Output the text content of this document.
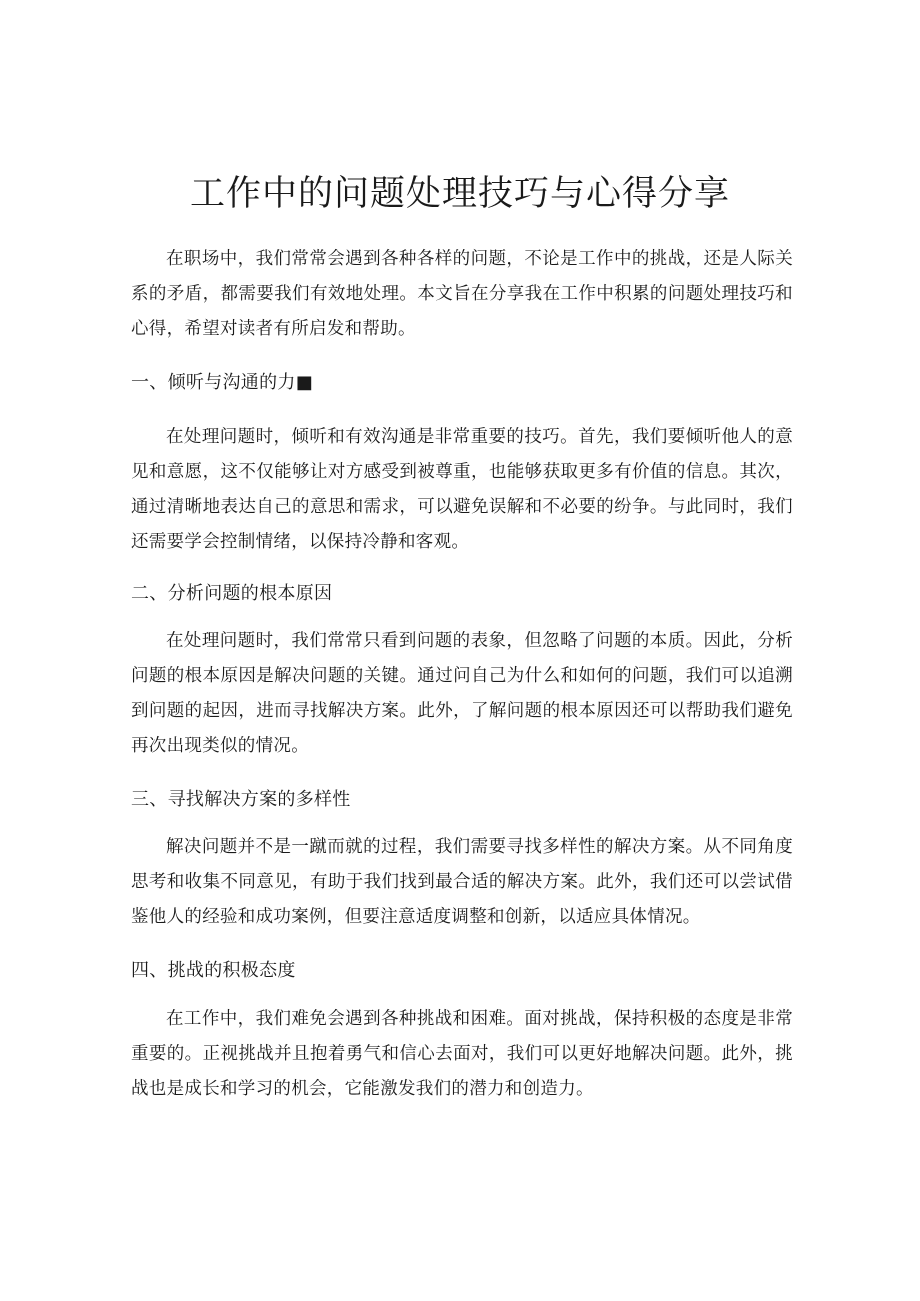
工作中的问题处理技巧与心得分享

在职场中，我们常常会遇到各种各样的问题，不论是工作中的挑战，还是人际关系的矛盾，都需要我们有效地处理。本文旨在分享我在工作中积累的问题处理技巧和心得，希望对读者有所启发和帮助。

一、倾听与沟通的力■

在处理问题时，倾听和有效沟通是非常重要的技巧。首先，我们要倾听他人的意见和意愿，这不仅能够让对方感受到被尊重，也能够获取更多有价值的信息。其次，通过清晰地表达自己的意思和需求，可以避免误解和不必要的纷争。与此同时，我们还需要学会控制情绪，以保持冷静和客观。

二、分析问题的根本原因

在处理问题时，我们常常只看到问题的表象，但忽略了问题的本质。因此，分析问题的根本原因是解决问题的关键。通过问自己为什么和如何的问题，我们可以追溯到问题的起因，进而寻找解决方案。此外，了解问题的根本原因还可以帮助我们避免再次出现类似的情况。

三、寻找解决方案的多样性

解决问题并不是一蹴而就的过程，我们需要寻找多样性的解决方案。从不同角度思考和收集不同意见，有助于我们找到最合适的解决方案。此外，我们还可以尝试借鉴他人的经验和成功案例，但要注意适度调整和创新，以适应具体情况。

四、挑战的积极态度

在工作中，我们难免会遇到各种挑战和困难。面对挑战，保持积极的态度是非常重要的。正视挑战并且抱着勇气和信心去面对，我们可以更好地解决问题。此外，挑战也是成长和学习的机会，它能激发我们的潜力和创造力。
